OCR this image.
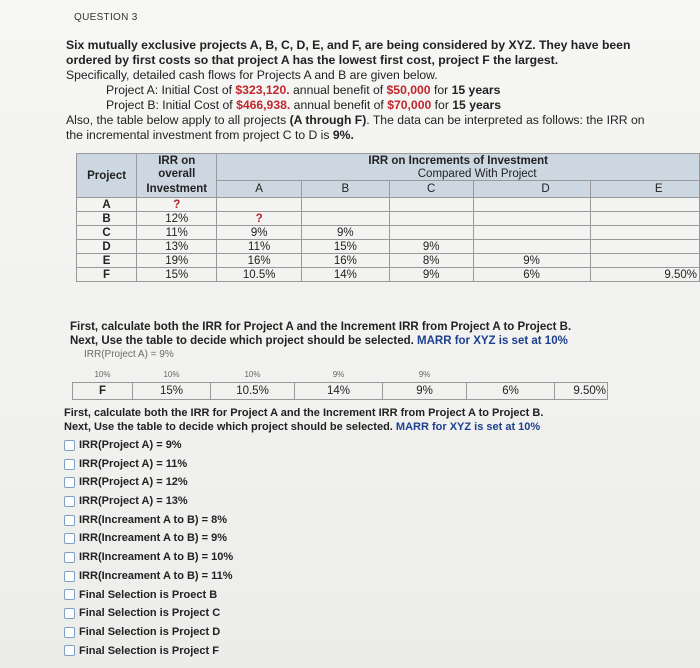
QUESTION 3
Six mutually exclusive projects A, B, C, D, E, and F, are being considered by XYZ. They have been ordered by first costs so that project A has the lowest first cost, project F the largest.
Specifically, detailed cash flows for Projects A and B are given below.
Project A: Initial Cost of $323,120. annual benefit of $50,000 for 15 years
Project B: Initial Cost of $466,938. annual benefit of $70,000 for 15 years
Also, the table below apply to all projects (A through F). The data can be interpreted as follows: the IRR on the incremental investment from project C to D is 9%.
Project	IRR on	IRR on Increments of Investment				
	overall	Compared With Project				
	Investment	A	B	C	D	E
A	?					
B	12%	?				
C	11%	9%	9%			
D	13%	11%	15%	9%		
E	19%	16%	16%	8%	9%	
F	15%	10.5%	14%	9%	6%	9.50%
First, calculate both the IRR for Project A and the Increment IRR from Project A to Project B.
Next, Use the table to decide which project should be selected. MARR for XYZ is set at 10%
IRR(Project A) = 9%
10%	10%	10%	9%	9%		
F	15%	10.5%	14%	9%	6%	9.50%
First, calculate both the IRR for Project A and the Increment IRR from Project A to Project B.
Next, Use the table to decide which project should be selected. MARR for XYZ is set at 10%
IRR(Project A) = 9%
IRR(Project A) = 11%
IRR(Project A) = 12%
IRR(Project A) = 13%
IRR(Increament A to B) = 8%
IRR(Increament A to B) = 9%
IRR(Increament A to B) = 10%
IRR(Increament A to B) = 11%
Final Selection is Proect B
Final Selection is Project C
Final Selection is Project D
Final Selection is Project F
